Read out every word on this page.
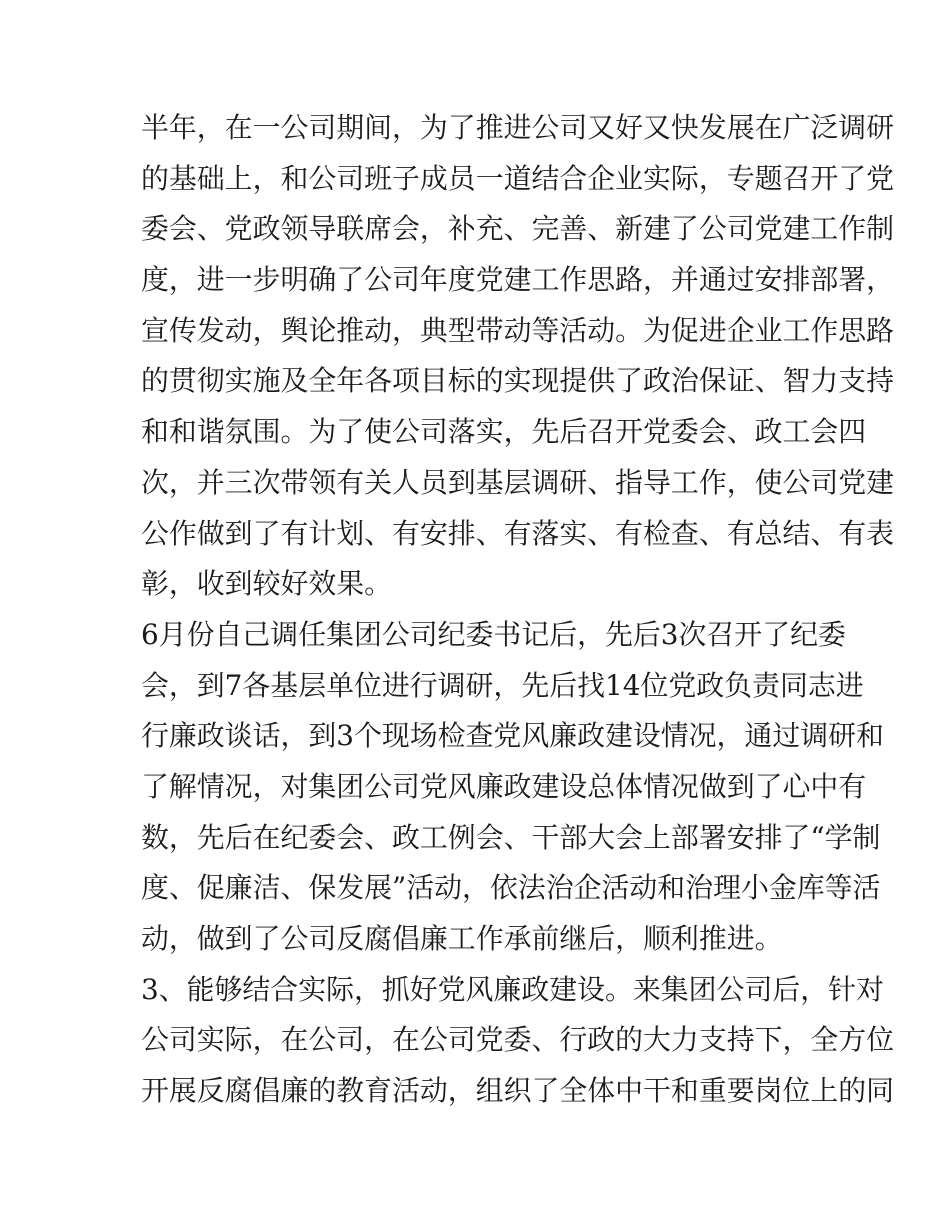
半年，在一公司期间，为了推进公司又好又快发展在广泛调研
的基础上，和公司班子成员一道结合企业实际，专题召开了党
委会、党政领导联席会，补充、完善、新建了公司党建工作制
度，进一步明确了公司年度党建工作思路，并通过安排部署，
宣传发动，舆论推动，典型带动等活动。为促进企业工作思路
的贯彻实施及全年各项目标的实现提供了政治保证、智力支持
和和谐氛围。为了使公司落实，先后召开党委会、政工会四
次，并三次带领有关人员到基层调研、指导工作，使公司党建
公作做到了有计划、有安排、有落实、有检查、有总结、有表
彰，收到较好效果。
6月份自己调任集团公司纪委书记后，先后3次召开了纪委
会，到7各基层单位进行调研，先后找14位党政负责同志进
行廉政谈话，到3个现场检查党风廉政建设情况，通过调研和
了解情况，对集团公司党风廉政建设总体情况做到了心中有
数，先后在纪委会、政工例会、干部大会上部署安排了“学制
度、促廉洁、保发展”活动，依法治企活动和治理小金库等活
动，做到了公司反腐倡廉工作承前继后，顺利推进。
3、能够结合实际，抓好党风廉政建设。来集团公司后，针对
公司实际，在公司，在公司党委、行政的大力支持下，全方位
开展反腐倡廉的教育活动，组织了全体中干和重要岗位上的同
